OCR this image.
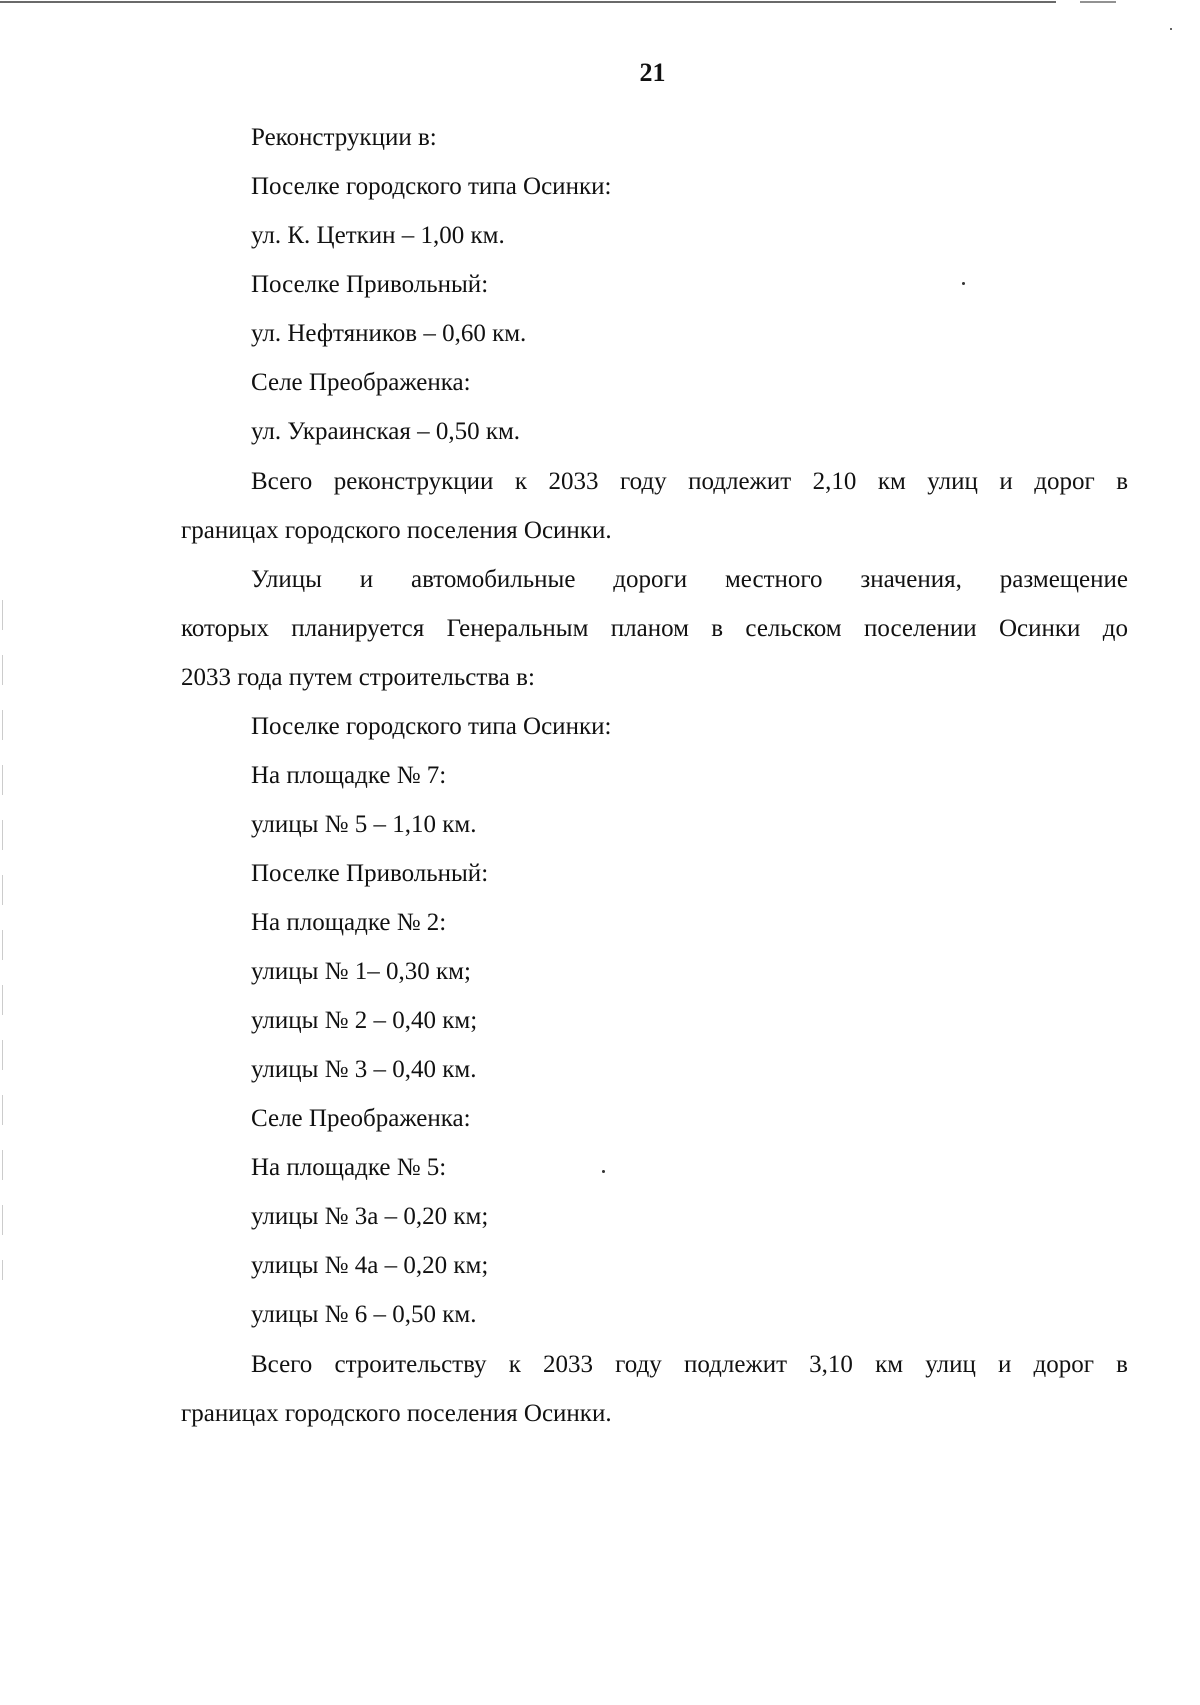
21
Реконструкции в:
Поселке городского типа Осинки:
ул. К. Цеткин – 1,00 км.
Поселке Привольный:
ул. Нефтяников – 0,60 км.
Селе Преображенка:
ул. Украинская – 0,50 км.
Всего реконструкции к 2033 году подлежит 2,10 км улиц и дорог в
границах городского поселения Осинки.
Улицы и автомобильные дороги местного значения, размещение
которых планируется Генеральным планом в сельском поселении Осинки до
2033 года путем строительства в:
Поселке городского типа Осинки:
На площадке № 7:
улицы № 5 – 1,10 км.
Поселке Привольный:
На площадке № 2:
улицы № 1– 0,30 км;
улицы № 2 – 0,40 км;
улицы № 3 – 0,40 км.
Селе Преображенка:
На площадке № 5:
улицы № 3а – 0,20 км;
улицы № 4а – 0,20 км;
улицы № 6 – 0,50 км.
Всего строительству к 2033 году подлежит 3,10 км улиц и дорог в
границах городского поселения Осинки.
